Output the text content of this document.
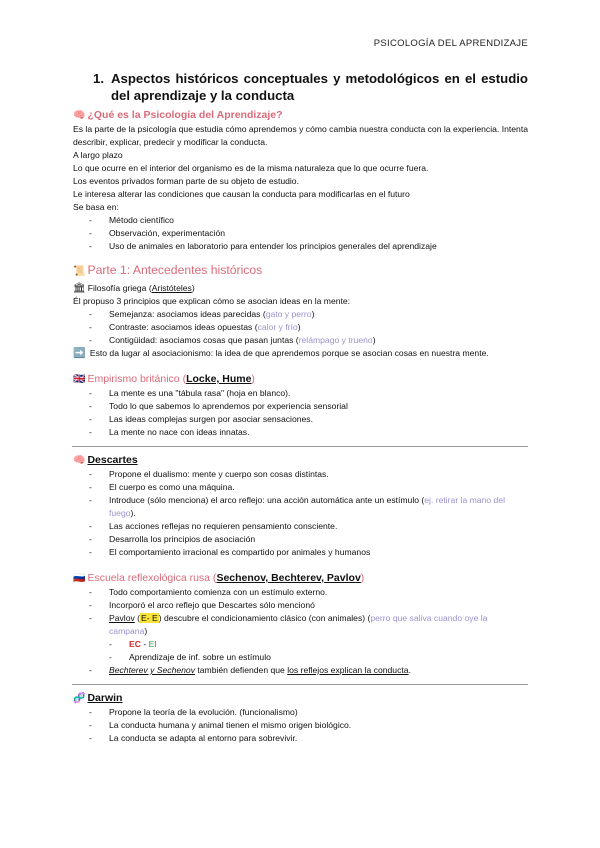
PSICOLOGÍA DEL APRENDIZAJE
1. Aspectos históricos conceptuales y metodológicos en el estudio del aprendizaje y la conducta
🧠 ¿Qué es la Psicología del Aprendizaje?

Es la parte de la psicología que estudia cómo aprendemos y cómo cambia nuestra conducta con la experiencia. Intenta describir, explicar, predecir y modificar la conducta.

A largo plazo

Lo que ocurre en el interior del organismo es de la misma naturaleza que lo que ocurre fuera.

Los eventos privados forman parte de su objeto de estudio.

Le interesa alterar las condiciones que causan la conducta para modificarlas en el futuro

Se basa en:

- Método científico
- Observación, experimentación
- Uso de animales en laboratorio para entender los principios generales del aprendizaje
📜 Parte 1: Antecedentes históricos

🏛 Filosofía griega (Aristóteles)

Él propuso 3 principios que explican cómo se asocian ideas en la mente:

- Semejanza: asociamos ideas parecidas (gato y perro)
- Contraste: asociamos ideas opuestas (calor y frío)
- Contigüidad: asociamos cosas que pasan juntas (relámpago y trueno)

➡️ Esto da lugar al asociacionismo: la idea de que aprendemos porque se asocian cosas en nuestra mente.

🇬🇧 Empirismo británico (Locke, Hume)
- La mente es una "tábula rasa" (hoja en blanco).
- Todo lo que sabemos lo aprendemos por experiencia sensorial
- Las ideas complejas surgen por asociar sensaciones.
- La mente no nace con ideas innatas.
🧠 Descartes
- Propone el dualismo: mente y cuerpo son cosas distintas.
- El cuerpo es como una máquina.
- Introduce (sólo menciona) el arco reflejo: una acción automática ante un estímulo (ej. retirar la mano del fuego).
- Las acciones reflejas no requieren pensamiento consciente.
- Desarrolla los principios de asociación
- El comportamiento irracional es compartido por animales y humanos
🇷🇺 Escuela reflexológica rusa (Sechenov, Bechterev, Pavlov)
- Todo comportamiento comienza con un estímulo externo.
- Incorporó el arco reflejo que Descartes sólo mencionó
- Pavlov (E- E) descubre el condicionamiento clásico (con animales) (perro que saliva cuando oye la campana)
- EC - EI
- Aprendizaje de inf. sobre un estímulo
- Bechterev y Sechenov también defienden que los reflejos explican la conducta.
🧬 Darwin
- Propone la teoría de la evolución. (funcionalismo)
- La conducta humana y animal tienen el mismo origen biológico.
- La conducta se adapta al entorno para sobrevivir.
